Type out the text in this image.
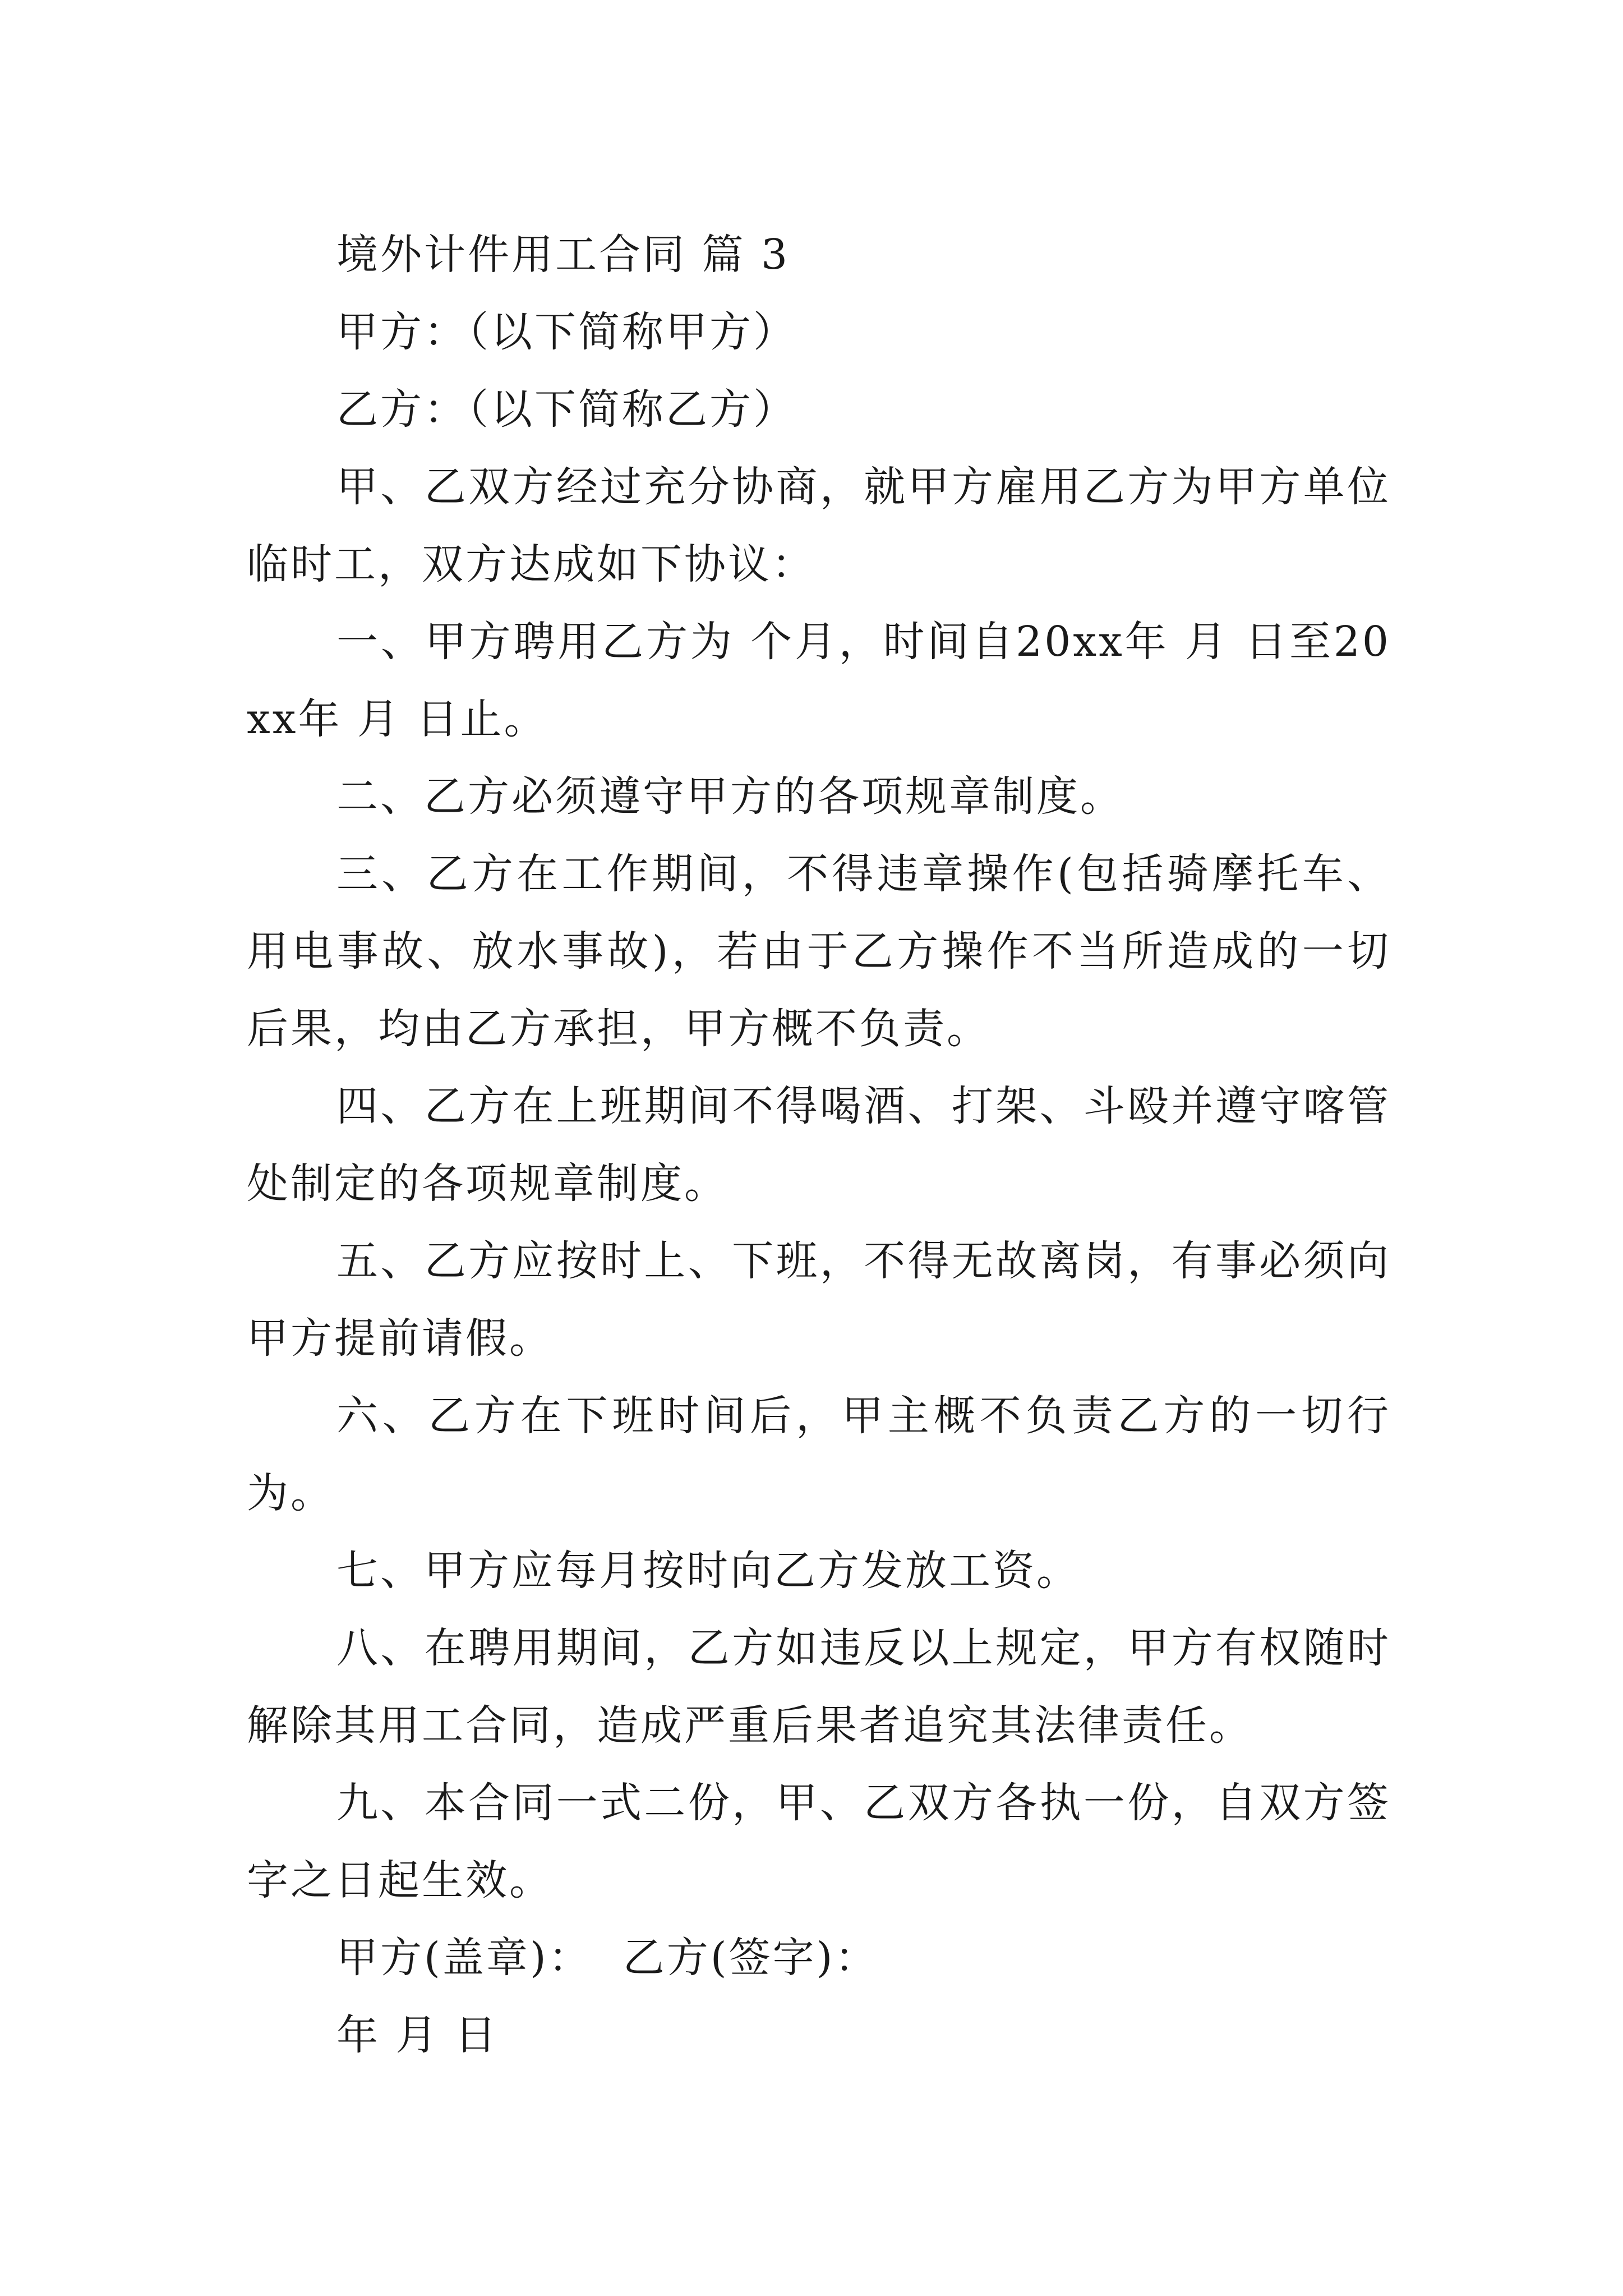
境外计件用工合同 篇 3

甲方：（以下简称甲方）

乙方：（以下简称乙方）

甲、乙双方经过充分协商，就甲方雇用乙方为甲方单位临时工，双方达成如下协议：

一、甲方聘用乙方为 个月，时间自20xx年 月 日至20xx年 月 日止。

二、乙方必须遵守甲方的各项规章制度。

三、乙方在工作期间，不得违章操作(包括骑摩托车、用电事故、放水事故)，若由于乙方操作不当所造成的一切后果，均由乙方承担，甲方概不负责。

四、乙方在上班期间不得喝酒、打架、斗殴并遵守喀管处制定的各项规章制度。

五、乙方应按时上、下班，不得无故离岗，有事必须向甲方提前请假。

六、乙方在下班时间后，甲主概不负责乙方的一切行为。

七、甲方应每月按时向乙方发放工资。

八、在聘用期间，乙方如违反以上规定，甲方有权随时解除其用工合同，造成严重后果者追究其法律责任。

九、本合同一式二份，甲、乙双方各执一份，自双方签字之日起生效。

甲方(盖章)：  乙方(签字)：

年 月 日
